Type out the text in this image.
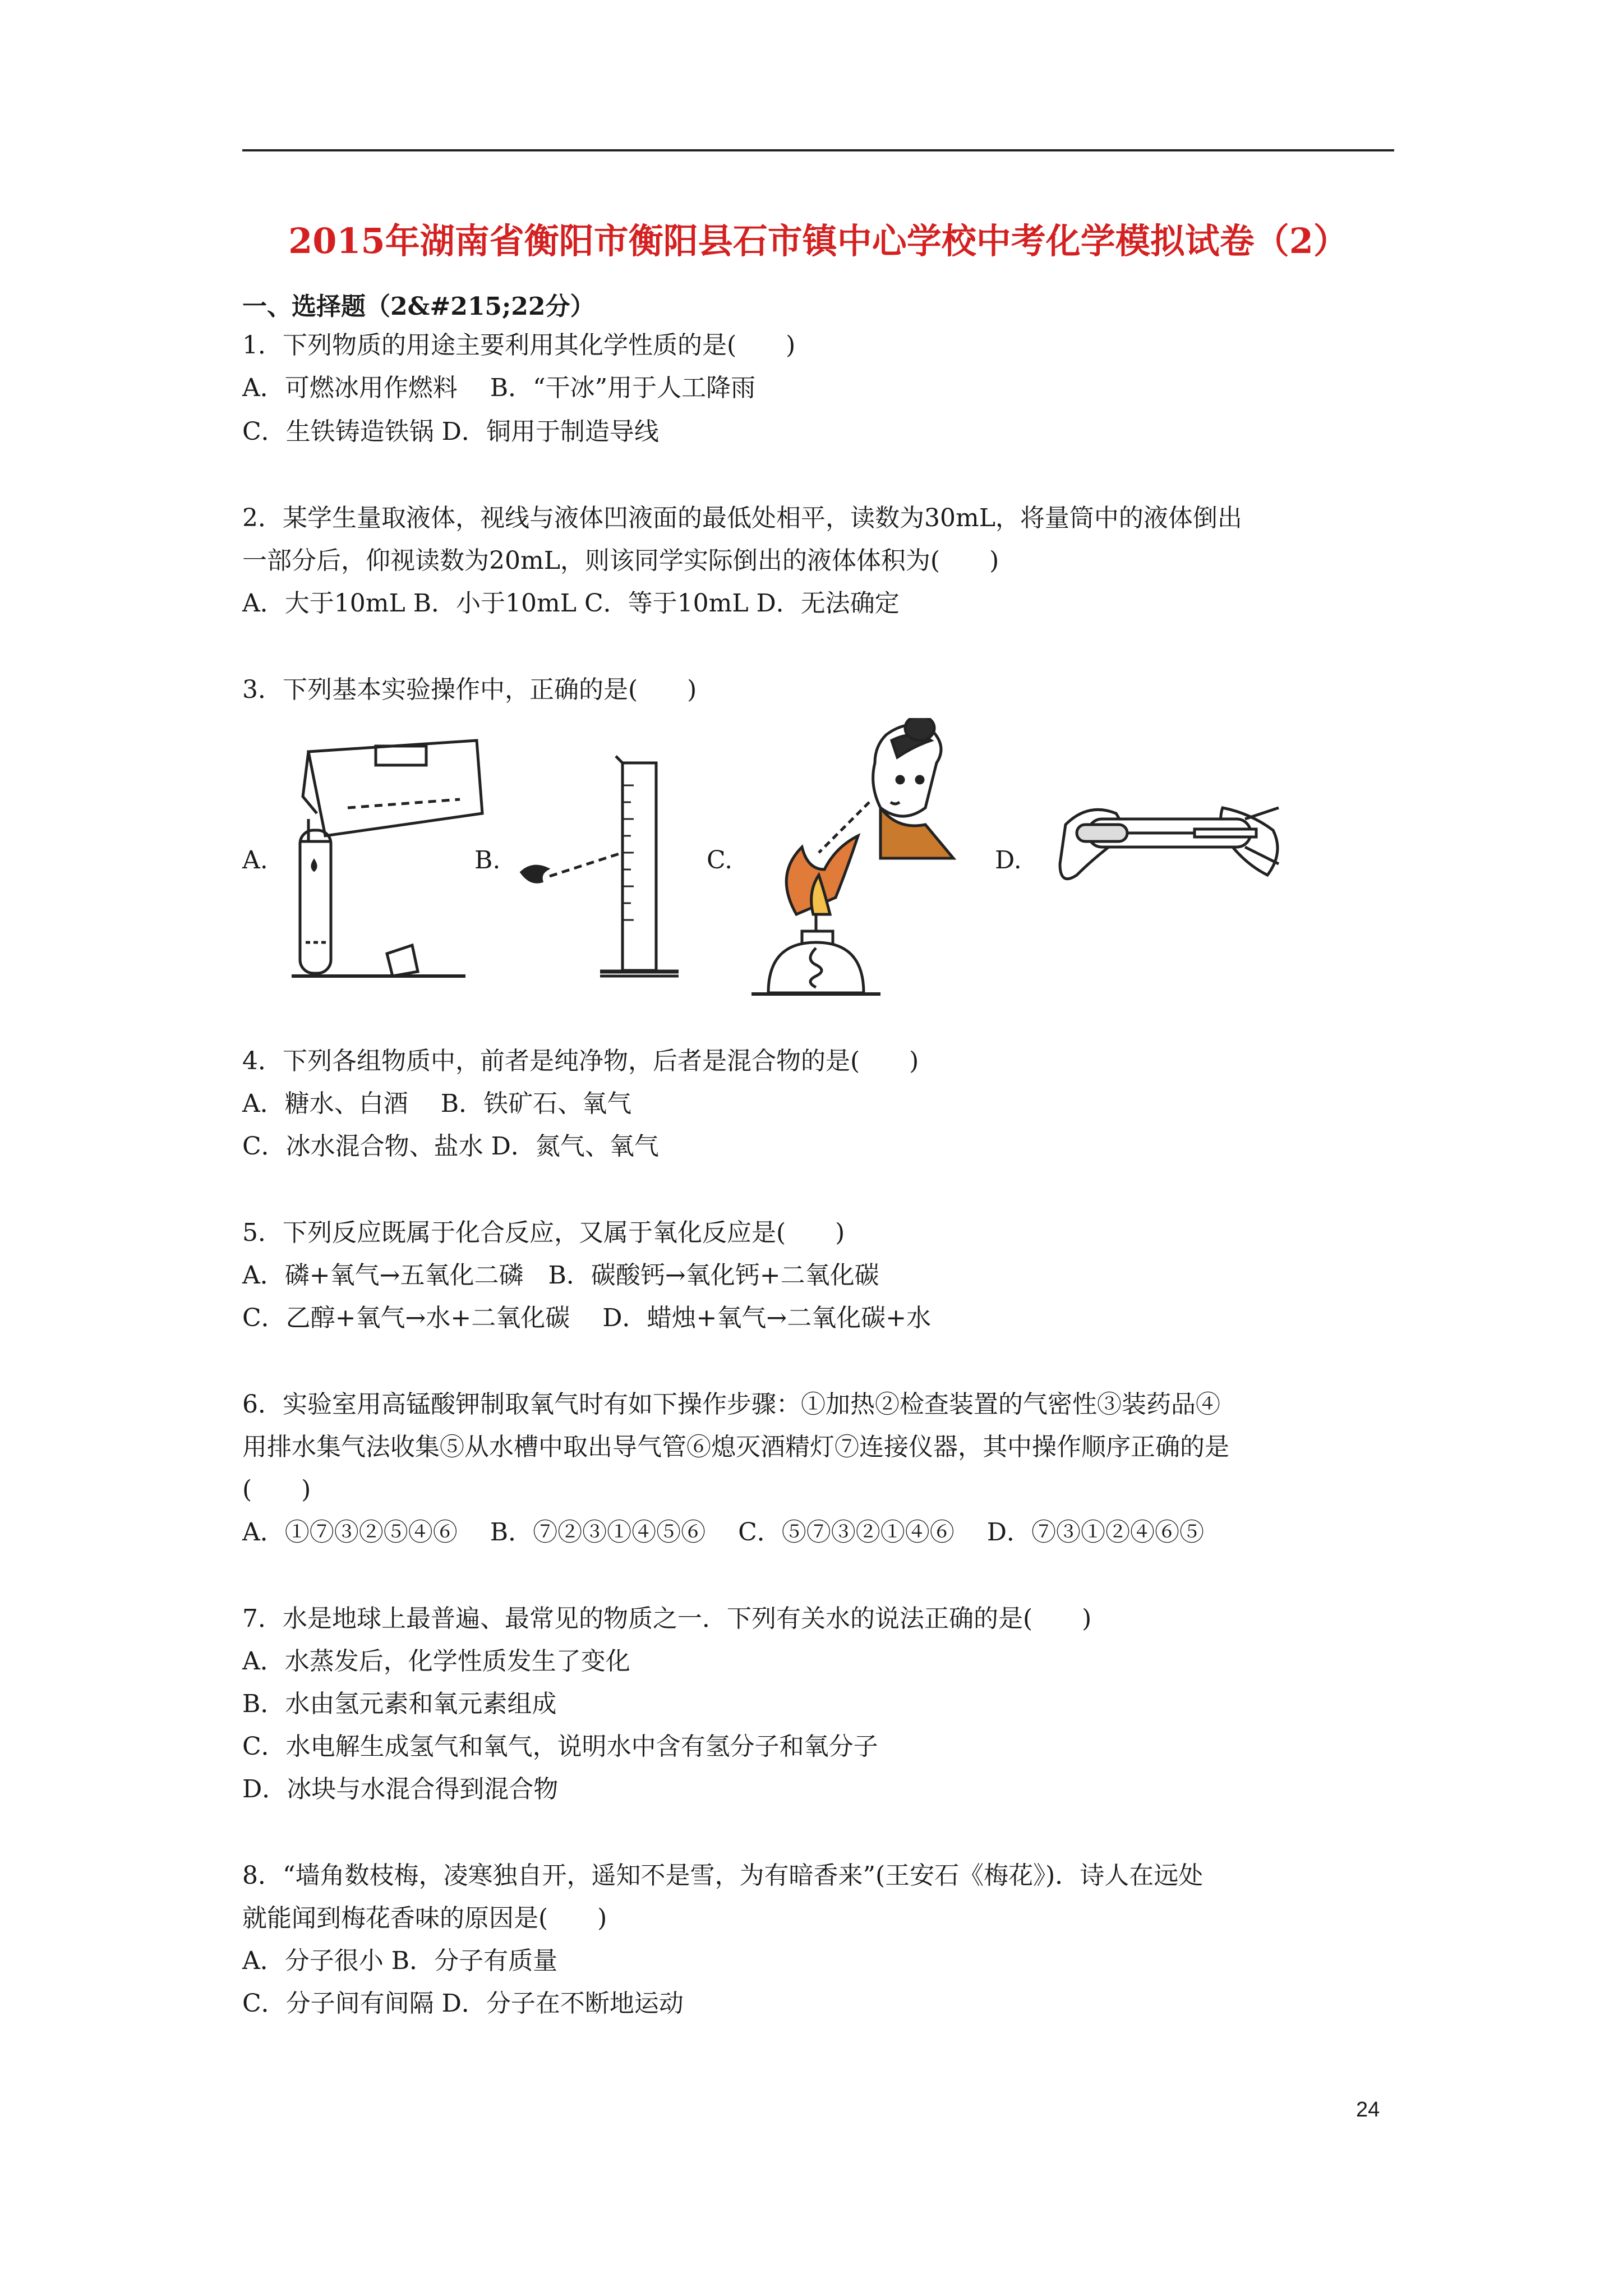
2015年湖南省衡阳市衡阳县石市镇中心学校中考化学模拟试卷（2）
一、选择题（2&#215;22分）
1．下列物质的用途主要利用其化学性质的是(　　)
A．可燃冰用作燃料　 B．“干冰”用于人工降雨
C．生铁铸造铁锅 D．铜用于制造导线
2．某学生量取液体，视线与液体凹液面的最低处相平，读数为30mL，将量筒中的液体倒出
一部分后，仰视读数为20mL，则该同学实际倒出的液体体积为(　　)
A．大于10mL B．小于10mL C．等于10mL D．无法确定
3．下列基本实验操作中，正确的是(　　)
A.	B.	C.	D.
4．下列各组物质中，前者是纯净物，后者是混合物的是(　　)
A．糖水、白酒　 B．铁矿石、氧气
C．冰水混合物、盐水 D．氮气、氧气
5．下列反应既属于化合反应，又属于氧化反应是(　　)
A．磷+氧气→五氧化二磷　B．碳酸钙→氧化钙+二氧化碳
C．乙醇+氧气→水+二氧化碳　 D．蜡烛+氧气→二氧化碳+水
6．实验室用高锰酸钾制取氧气时有如下操作步骤：①加热②检查装置的气密性③装药品④
用排水集气法收集⑤从水槽中取出导气管⑥熄灭酒精灯⑦连接仪器，其中操作顺序正确的是
(　　)
A．①⑦③②⑤④⑥　 B．⑦②③①④⑤⑥　 C．⑤⑦③②①④⑥　 D．⑦③①②④⑥⑤
7．水是地球上最普遍、最常见的物质之一．下列有关水的说法正确的是(　　)
A．水蒸发后，化学性质发生了变化
B．水由氢元素和氧元素组成
C．水电解生成氢气和氧气，说明水中含有氢分子和氧分子
D．冰块与水混合得到混合物
8．“墙角数枝梅，凌寒独自开，遥知不是雪，为有暗香来”(王安石《梅花》)．诗人在远处
就能闻到梅花香味的原因是(　　)
A．分子很小 B．分子有质量
C．分子间有间隔 D．分子在不断地运动
24
